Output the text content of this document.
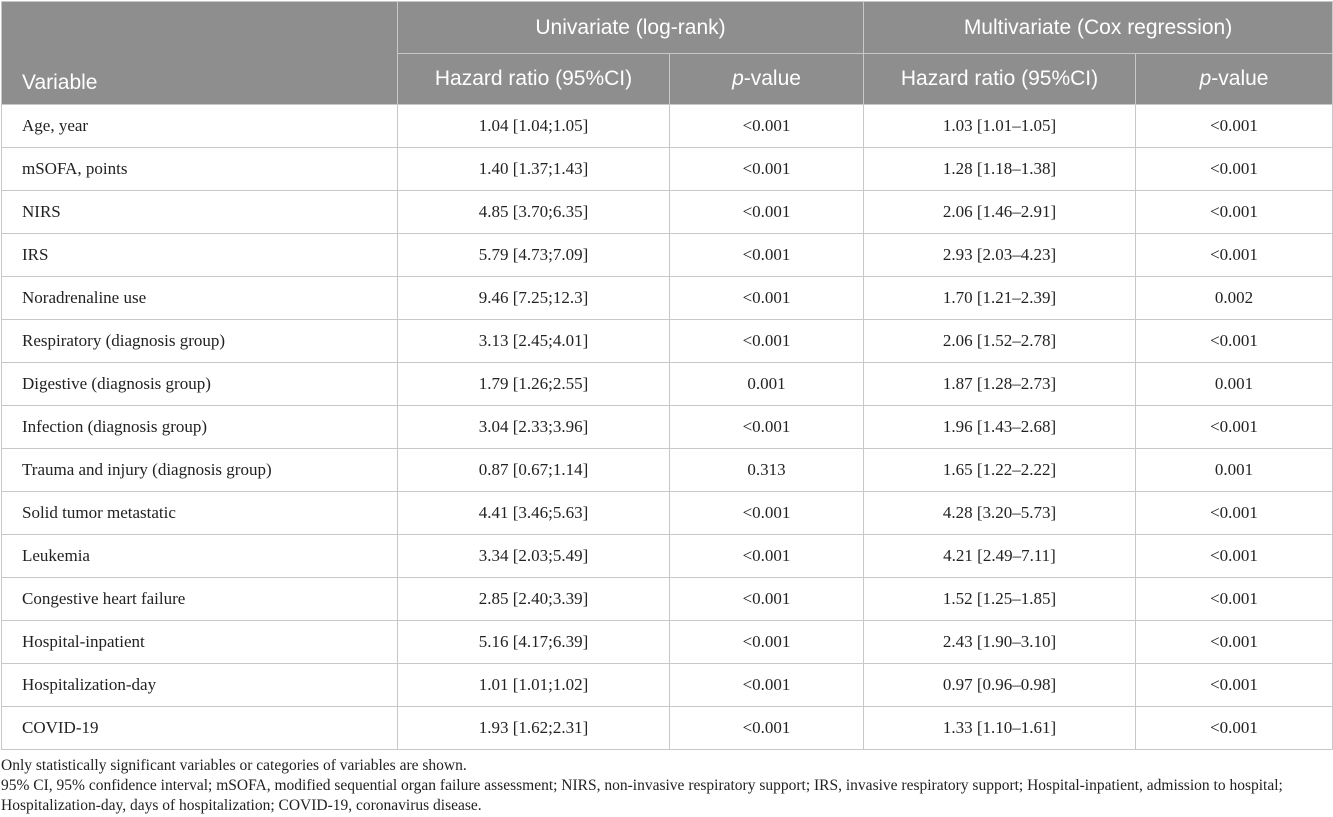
	Univariate (log-rank)		Multivariate (Cox regression)	
Variable	Hazard ratio (95%CI)	p-value	Hazard ratio (95%CI)	p-value
Age, year	1.04 [1.04;1.05]	<0.001	1.03 [1.01–1.05]	<0.001
mSOFA, points	1.40 [1.37;1.43]	<0.001	1.28 [1.18–1.38]	<0.001
NIRS	4.85 [3.70;6.35]	<0.001	2.06 [1.46–2.91]	<0.001
IRS	5.79 [4.73;7.09]	<0.001	2.93 [2.03–4.23]	<0.001
Noradrenaline use	9.46 [7.25;12.3]	<0.001	1.70 [1.21–2.39]	0.002
Respiratory (diagnosis group)	3.13 [2.45;4.01]	<0.001	2.06 [1.52–2.78]	<0.001
Digestive (diagnosis group)	1.79 [1.26;2.55]	0.001	1.87 [1.28–2.73]	0.001
Infection (diagnosis group)	3.04 [2.33;3.96]	<0.001	1.96 [1.43–2.68]	<0.001
Trauma and injury (diagnosis group)	0.87 [0.67;1.14]	0.313	1.65 [1.22–2.22]	0.001
Solid tumor metastatic	4.41 [3.46;5.63]	<0.001	4.28 [3.20–5.73]	<0.001
Leukemia	3.34 [2.03;5.49]	<0.001	4.21 [2.49–7.11]	<0.001
Congestive heart failure	2.85 [2.40;3.39]	<0.001	1.52 [1.25–1.85]	<0.001
Hospital-inpatient	5.16 [4.17;6.39]	<0.001	2.43 [1.90–3.10]	<0.001
Hospitalization-day	1.01 [1.01;1.02]	<0.001	0.97 [0.96–0.98]	<0.001
COVID-19	1.93 [1.62;2.31]	<0.001	1.33 [1.10–1.61]	<0.001

Only statistically significant variables or categories of variables are shown.

95% CI, 95% confidence interval; mSOFA, modified sequential organ failure assessment; NIRS, non-invasive respiratory support; IRS, invasive respiratory support; Hospital-inpatient, admission to hospital; Hospitalization-day, days of hospitalization; COVID-19, coronavirus disease.
